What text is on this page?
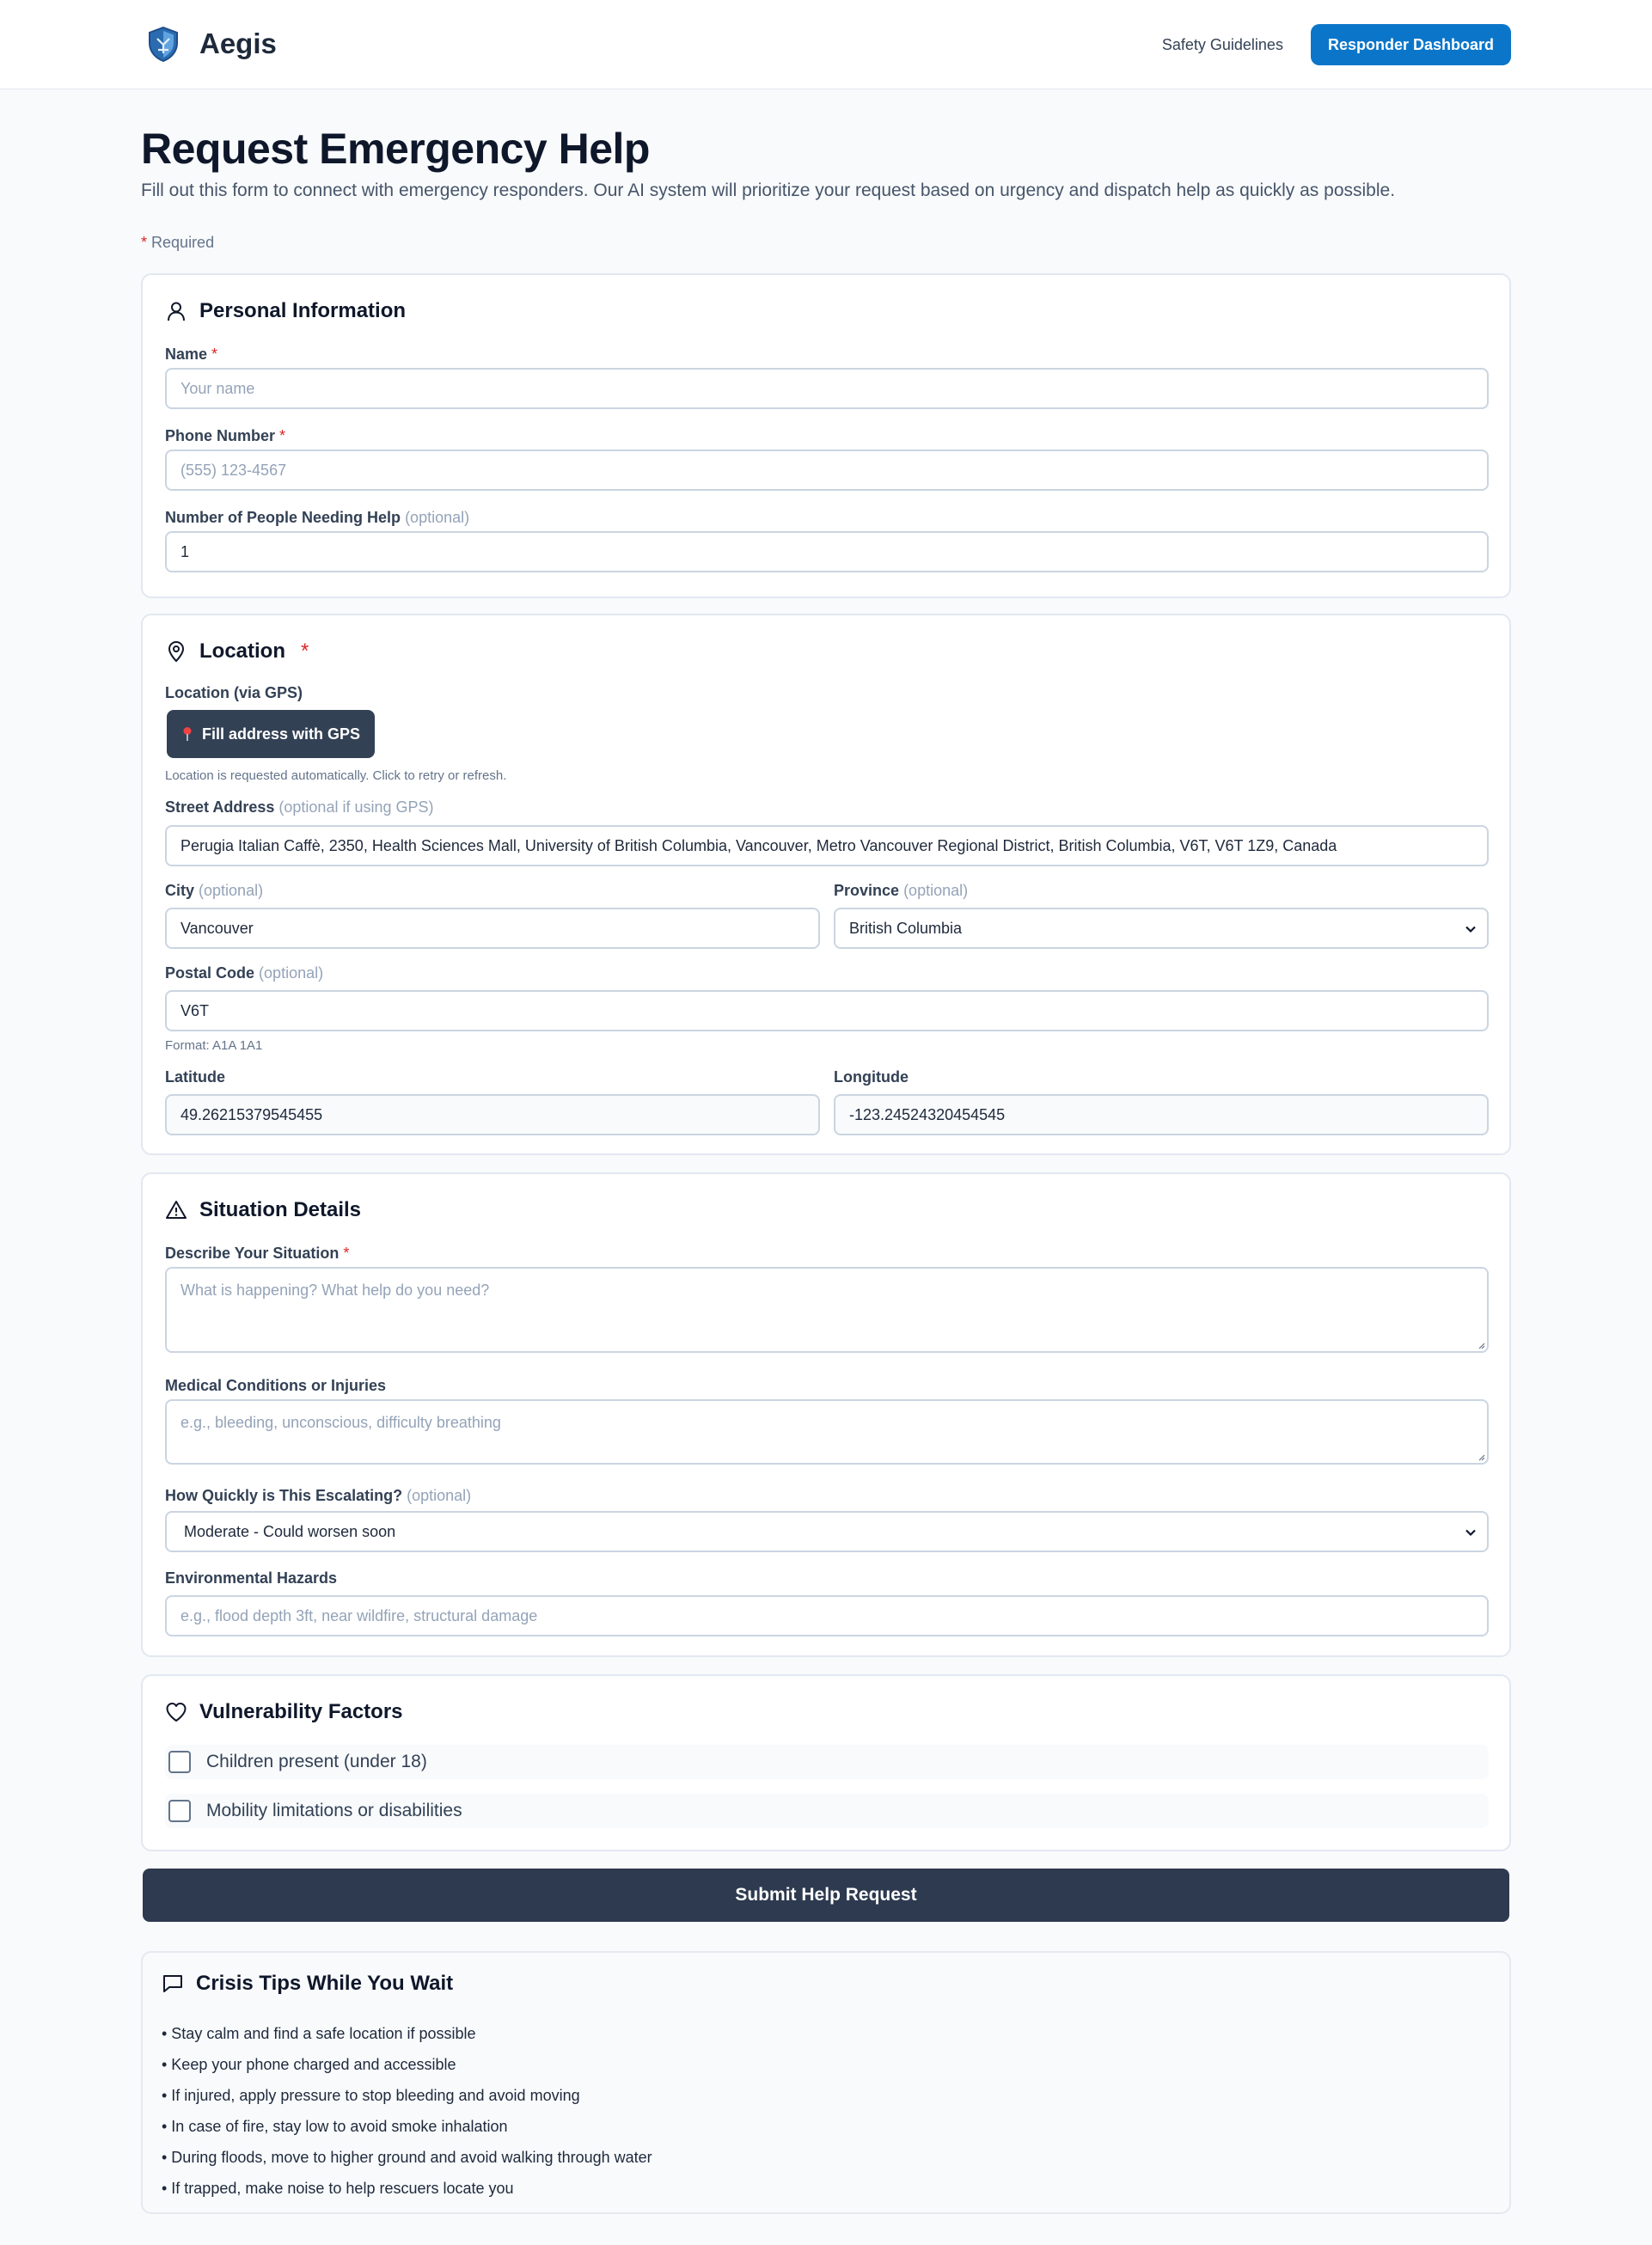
Aegis	Safety Guidelines	Responder Dashboard
Request Emergency Help

Fill out this form to connect with emergency responders. Our AI system will prioritize your request based on urgency and dispatch help as quickly as possible.

* Required
Personal Information
Name *
Your name
Phone Number *
(555) 123-4567
Number of People Needing Help (optional)
1
Location *
Location (via GPS)
Fill address with GPS
Location is requested automatically. Click to retry or refresh.
Street Address (optional if using GPS)
Perugia Italian Caffè, 2350, Health Sciences Mall, University of British Columbia, Vancouver, Metro Vancouver Regional District, British Columbia, V6T, V6T 1Z9, Canada
City (optional)
Vancouver
Province (optional)
British Columbia
Postal Code (optional)
V6T
Format: A1A 1A1
Latitude
49.26215379545455
Longitude
-123.24524320454545
Situation Details
Describe Your Situation *
What is happening? What help do you need?
Medical Conditions or Injuries
e.g., bleeding, unconscious, difficulty breathing
How Quickly is This Escalating? (optional)
Moderate - Could worsen soon
Environmental Hazards
e.g., flood depth 3ft, near wildfire, structural damage
Vulnerability Factors
Children present (under 18)
Mobility limitations or disabilities
Submit Help Request
Crisis Tips While You Wait
• Stay calm and find a safe location if possible
• Keep your phone charged and accessible
• If injured, apply pressure to stop bleeding and avoid moving
• In case of fire, stay low to avoid smoke inhalation
• During floods, move to higher ground and avoid walking through water
• If trapped, make noise to help rescuers locate you
